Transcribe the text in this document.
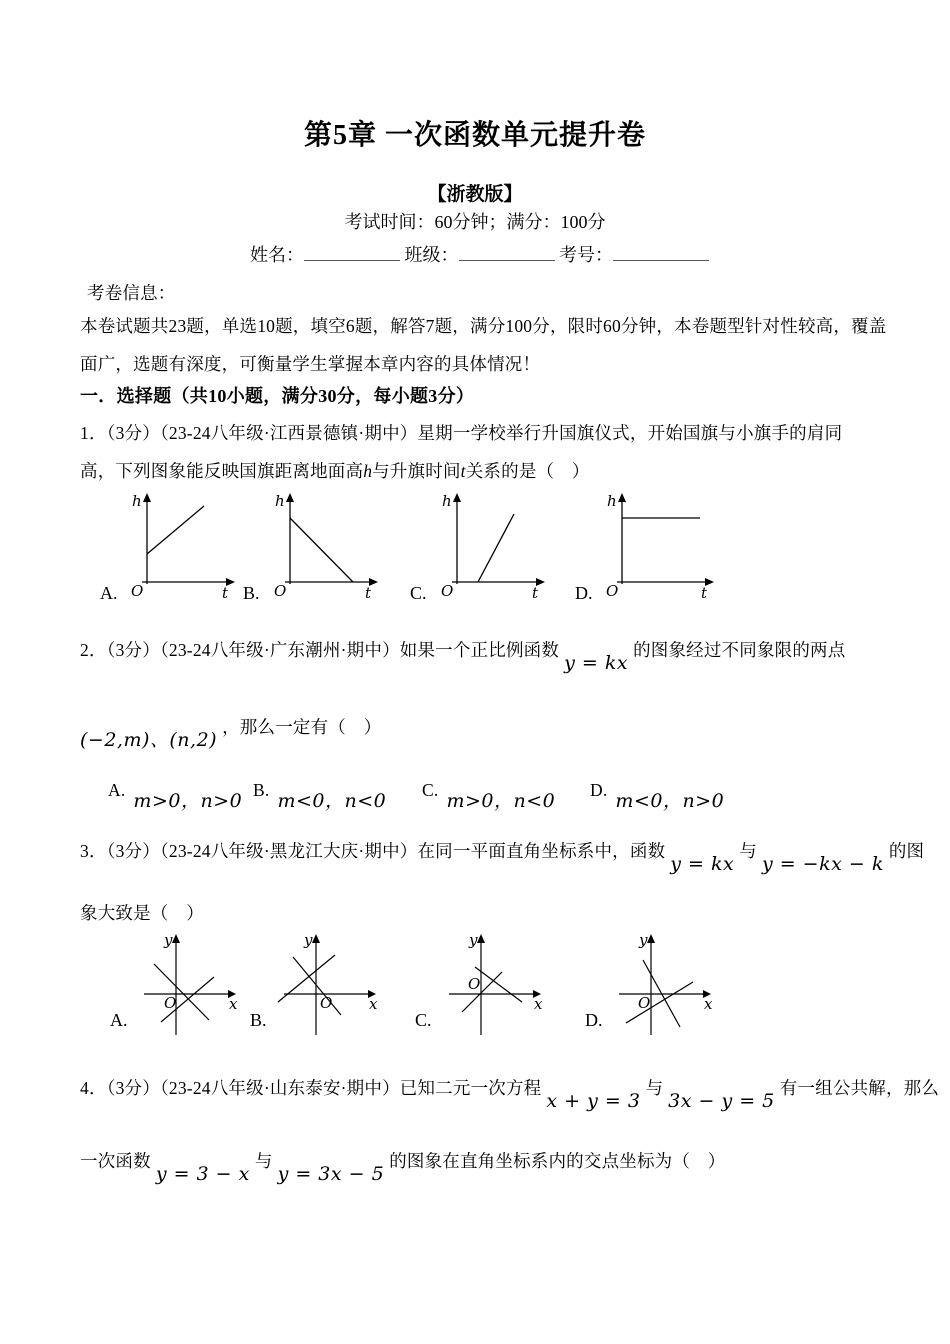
第5章 一次函数单元提升卷
【浙教版】
考试时间：60分钟；满分：100分
姓名：	班级：	考号：
考卷信息：
本卷试题共23题，单选10题，填空6题，解答7题，满分100分，限时60分钟，本卷题型针对性较高，覆盖
面广，选题有深度，可衡量学生掌握本章内容的具体情况！
一．选择题（共10小题，满分30分，每小题3分）
1．（3分）（23-24八年级·江西景德镇·期中）星期一学校举行升国旗仪式，开始国旗与小旗手的肩同
高，下列图象能反映国旗距离地面高h与升旗时间t关系的是（　）
A.
h
t
O	B.
h
t
O	C.
h
t
O	D.
h
t
O
2．（3分）（23-24八年级·广东潮州·期中）如果一个正比例函数y = kx的图象经过不同象限的两点
(−2,m)、(n,2)，那么一定有（　）
A. m>0，n>0 B. m<0，n<0 C. m>0，n<0 D. m<0，n>0
3．（3分）（23-24八年级·黑龙江大庆·期中）在同一平面直角坐标系中，函数y = kx与y = −kx − k的图
象大致是（　）
A.
y
x
O
B.
y
x
O
C.
y
x
O
D.
y
x
O
4．（3分）（23-24八年级·山东泰安·期中）已知二元一次方程x + y = 3与3x − y = 5有一组公共解，那么
一次函数y = 3 − x与y = 3x − 5的图象在直角坐标系内的交点坐标为（　）
